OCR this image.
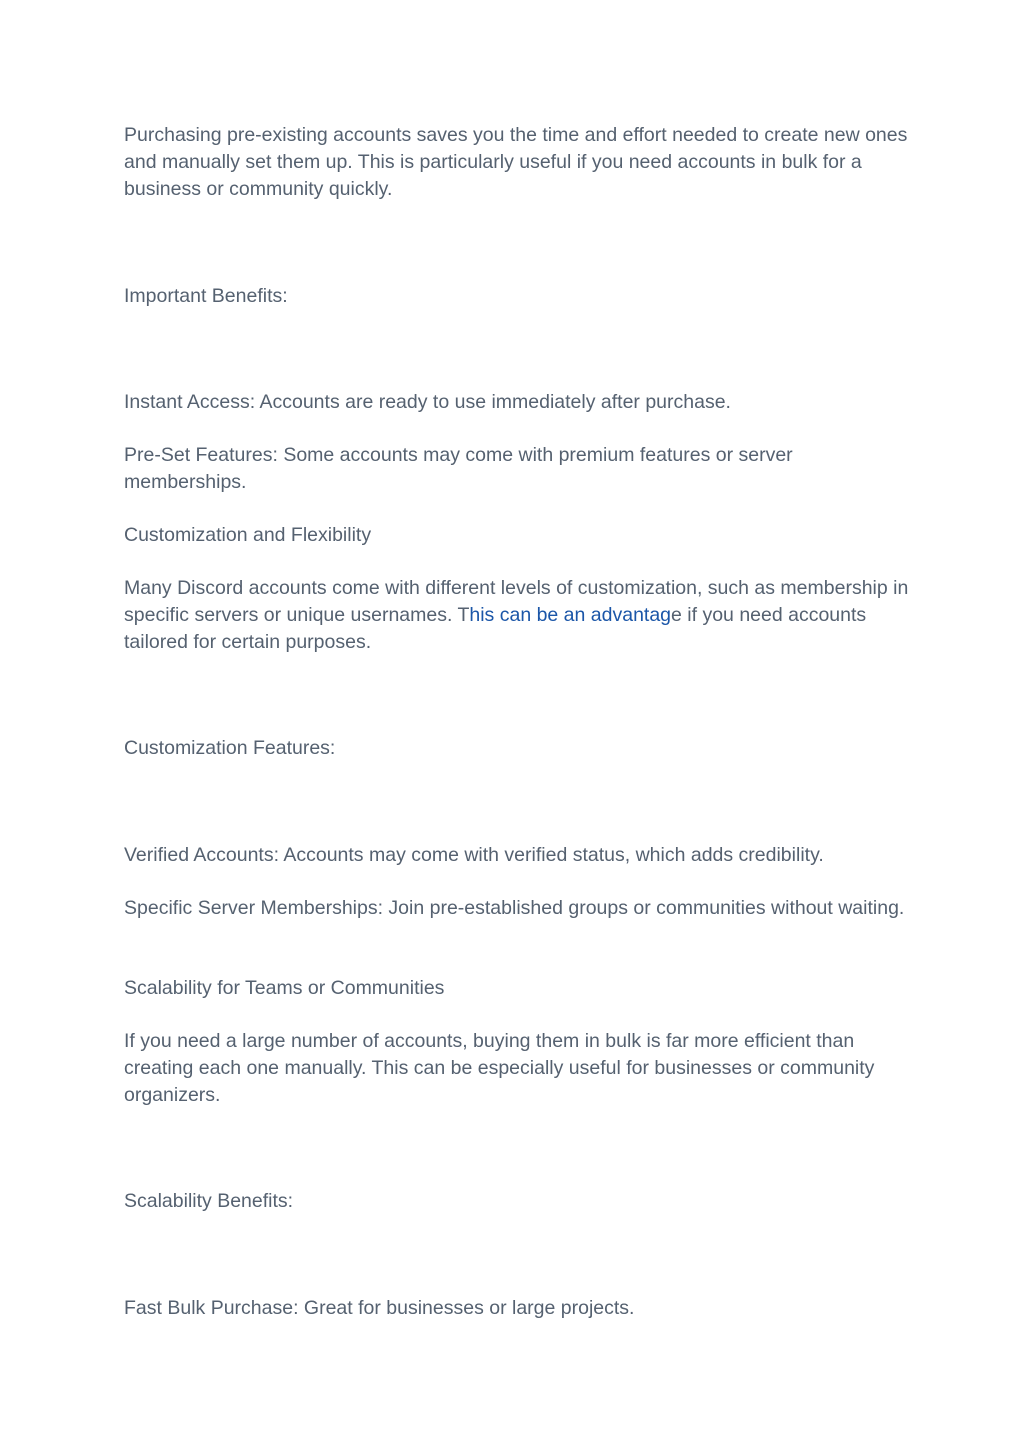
Purchasing pre-existing accounts saves you the time and effort needed to create new ones and manually set them up. This is particularly useful if you need accounts in bulk for a business or community quickly.

Important Benefits:

Instant Access: Accounts are ready to use immediately after purchase.

Pre-Set Features: Some accounts may come with premium features or server memberships.

Customization and Flexibility

Many Discord accounts come with different levels of customization, such as membership in specific servers or unique usernames. This can be an advantage if you need accounts tailored for certain purposes.

Customization Features:

Verified Accounts: Accounts may come with verified status, which adds credibility.

Specific Server Memberships: Join pre-established groups or communities without waiting.

Scalability for Teams or Communities

If you need a large number of accounts, buying them in bulk is far more efficient than creating each one manually. This can be especially useful for businesses or community organizers.

Scalability Benefits:

Fast Bulk Purchase: Great for businesses or large projects.
